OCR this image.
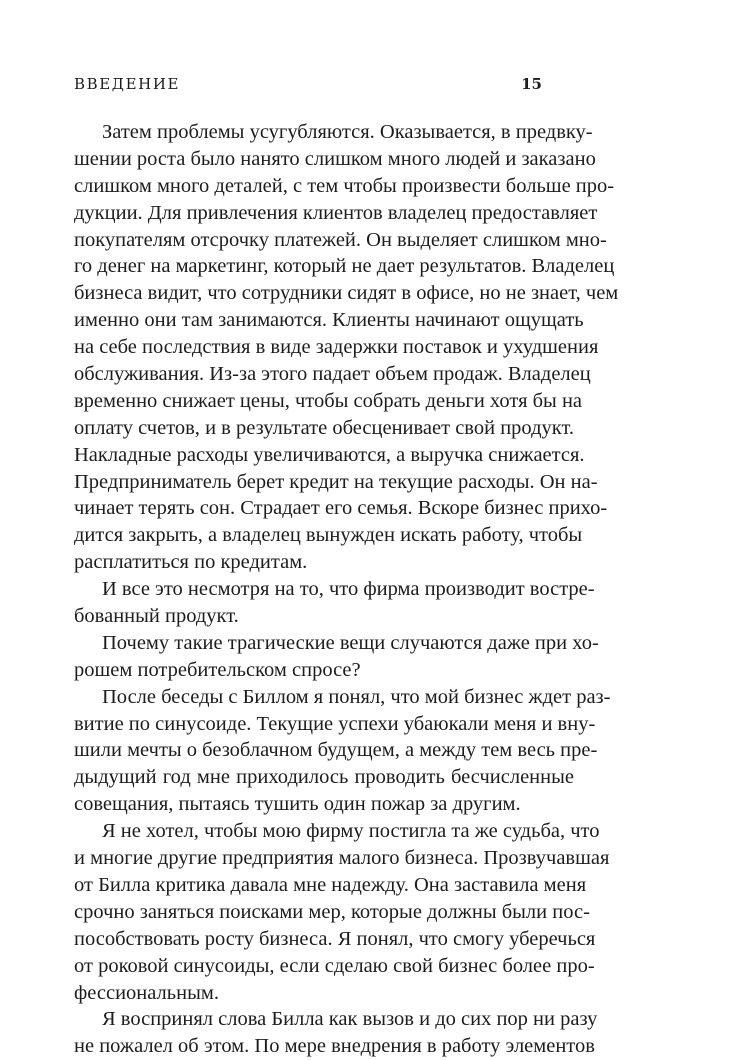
ВВЕДЕНИЕ	15
Затем проблемы усугубляются. Оказывается, в предвку-
шении роста было нанято слишком много людей и заказано
слишком много деталей, с тем чтобы произвести больше про-
дукции. Для привлечения клиентов владелец предоставляет
покупателям отсрочку платежей. Он выделяет слишком мно-
го денег на маркетинг, который не дает результатов. Владелец
бизнеса видит, что сотрудники сидят в офисе, но не знает, чем
именно они там занимаются. Клиенты начинают ощущать
на себе последствия в виде задержки поставок и ухудшения
обслуживания. Из-за этого падает объем продаж. Владелец
временно снижает цены, чтобы собрать деньги хотя бы на
оплату счетов, и в результате обесценивает свой продукт.
Накладные расходы увеличиваются, а выручка снижается.
Предприниматель берет кредит на текущие расходы. Он на-
чинает терять сон. Страдает его семья. Вскоре бизнес прихо-
дится закрыть, а владелец вынужден искать работу, чтобы
расплатиться по кредитам.
И все это несмотря на то, что фирма производит востре-
бованный продукт.
Почему такие трагические вещи случаются даже при хо-
рошем потребительском спросе?
После беседы с Биллом я понял, что мой бизнес ждет раз-
витие по синусоиде. Текущие успехи убаюкали меня и вну-
шили мечты о безоблачном будущем, а между тем весь пре-
дыдущий год мне приходилось проводить бесчисленные
совещания, пытаясь тушить один пожар за другим.
Я не хотел, чтобы мою фирму постигла та же судьба, что
и многие другие предприятия малого бизнеса. Прозвучавшая
от Билла критика давала мне надежду. Она заставила меня
срочно заняться поисками мер, которые должны были пос-
пособствовать росту бизнеса. Я понял, что смогу уберечься
от роковой синусоиды, если сделаю свой бизнес более про-
фессиональным.
Я воспринял слова Билла как вызов и до сих пор ни разу
не пожалел об этом. По мере внедрения в работу элементов
